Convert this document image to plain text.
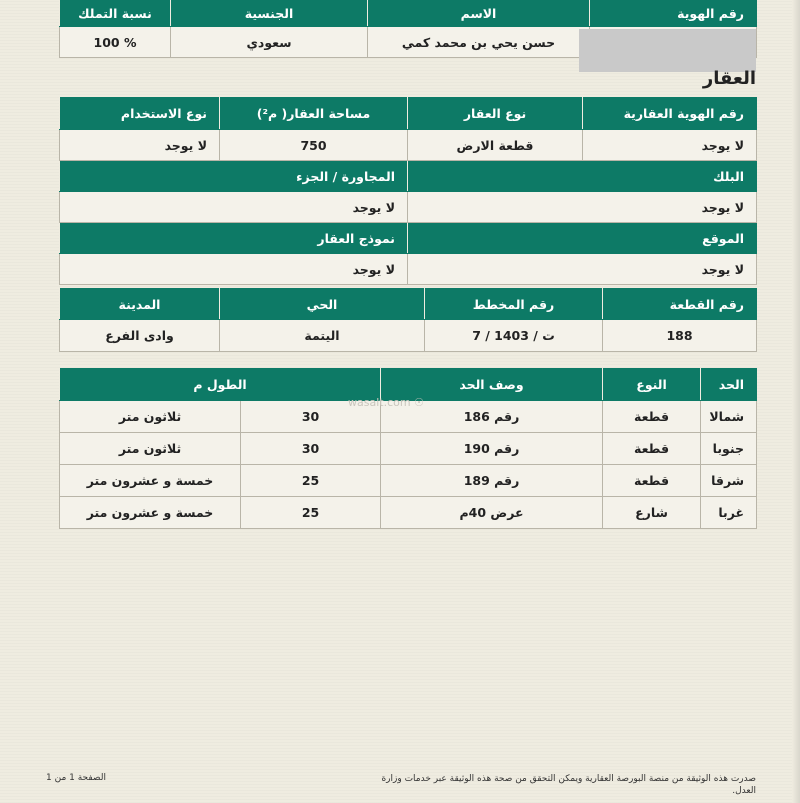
رقم الهوية	الاسم	الجنسية	نسبة التملك
	حسن يحي بن محمد كمي	سعودي	100 %
العقار
رقم الهوية العقارية	نوع العقار	مساحة العقار( م²)	نوع الاستخدام
لا يوجد	قطعة الارض	750	لا يوجد
البلك		المجاورة / الجزء	
لا يوجد		لا يوجد	
الموقع		نموذج العقار	
لا يوجد		لا يوجد	
رقم القطعة	رقم المخطط	الحي	المدينة
188	7 / ت / 1403	اليتمة	وادى الفرع
الحد	النوع	وصف الحد	الطول م	
شمالا	قطعة	رقم 186	30	ثلاثون متر
جنوبا	قطعة	رقم 190	30	ثلاثون متر
شرقا	قطعة	رقم 189	25	خمسة و عشرون متر
غربا	شارع	عرض 40م	25	خمسة و عشرون متر
wasalt.com ☉
صدرت هذه الوثيقة من منصة البورصة العقارية ويمكن التحقق من صحة هذه الوثيقة عبر خدمات وزارة العدل.
الصفحة 1 من 1
